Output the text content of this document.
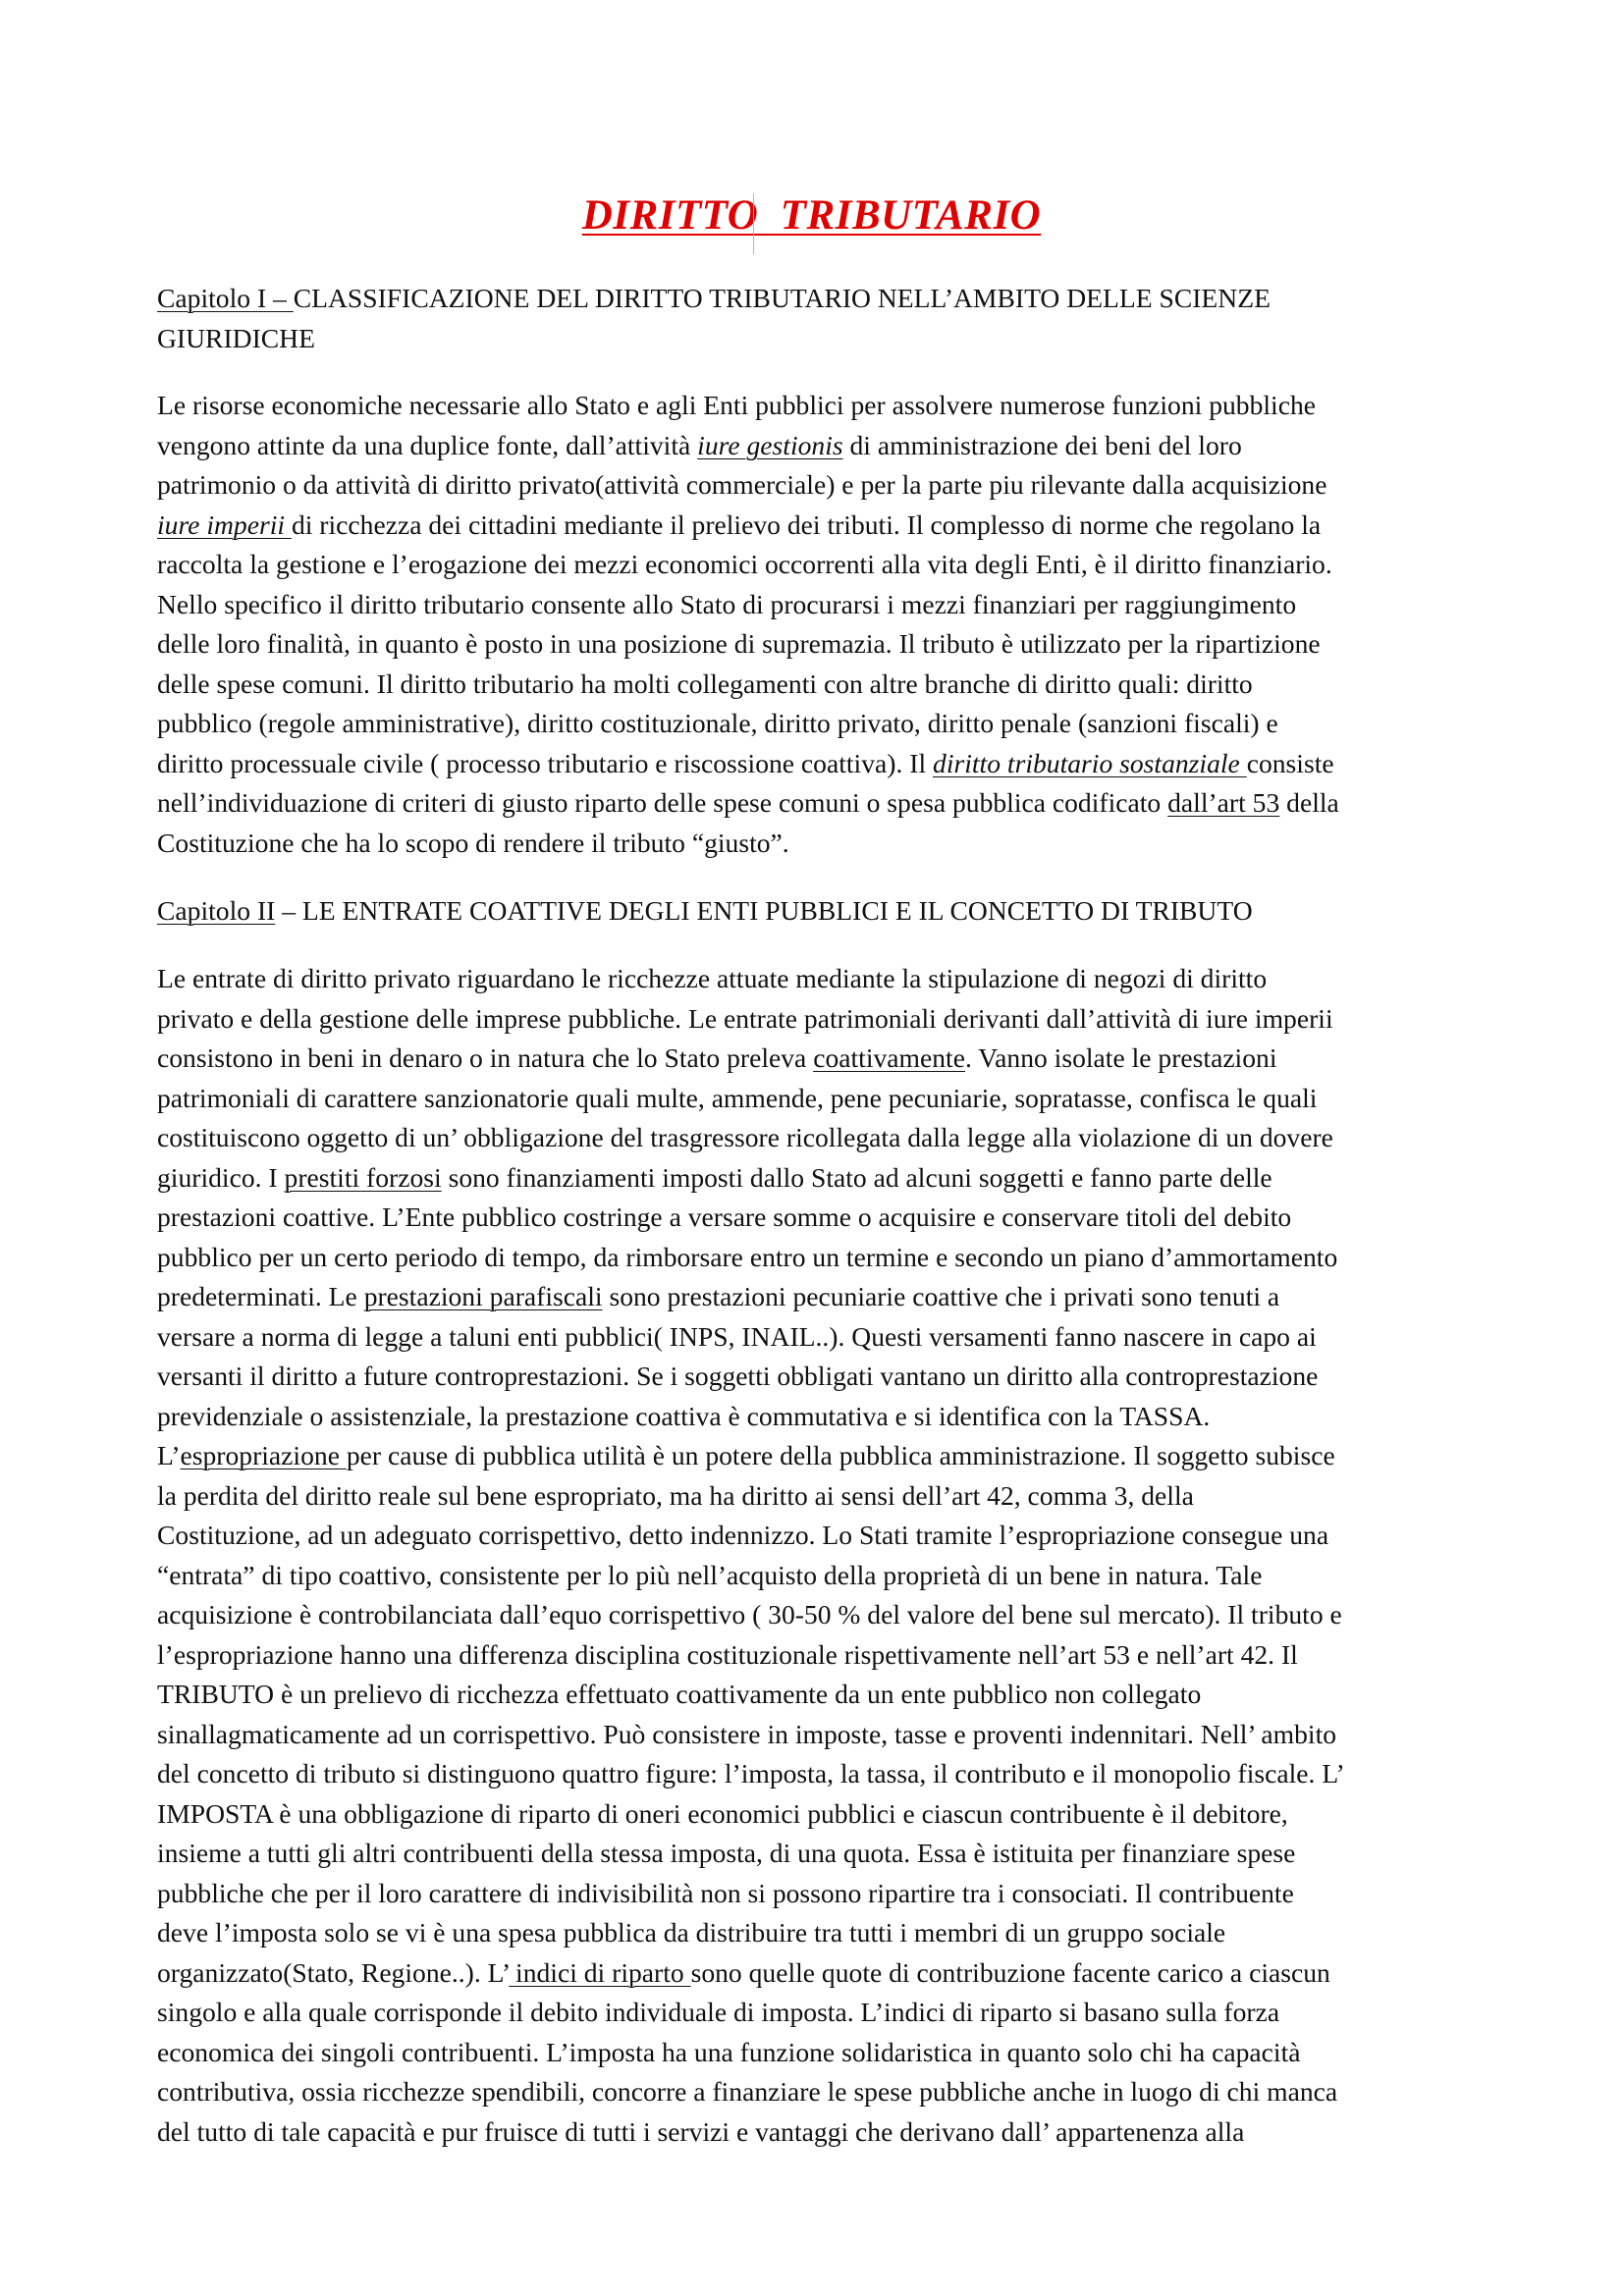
DIRITTO  TRIBUTARIO
Capitolo I – CLASSIFICAZIONE DEL DIRITTO TRIBUTARIO NELL’AMBITO DELLE SCIENZE
GIURIDICHE
Le risorse economiche necessarie allo Stato e agli Enti pubblici per assolvere numerose funzioni pubbliche
vengono attinte da una duplice fonte, dall’attività iure gestionis di amministrazione dei beni del loro
patrimonio o da attività di diritto privato(attività commerciale) e per la parte piu rilevante dalla acquisizione
iure imperii di ricchezza dei cittadini mediante il prelievo dei tributi. Il complesso di norme che regolano la
raccolta la gestione e l’erogazione dei mezzi economici occorrenti alla vita degli Enti, è il diritto finanziario.
Nello specifico il diritto tributario consente allo Stato di procurarsi i mezzi finanziari per raggiungimento
delle loro finalità, in quanto è posto in una posizione di supremazia. Il tributo è utilizzato per la ripartizione
delle spese comuni. Il diritto tributario ha molti collegamenti con altre branche di diritto quali: diritto
pubblico (regole amministrative), diritto costituzionale, diritto privato, diritto penale (sanzioni fiscali) e
diritto processuale civile ( processo tributario e riscossione coattiva). Il diritto tributario sostanziale consiste
nell’individuazione di criteri di giusto riparto delle spese comuni o spesa pubblica codificato dall’art 53 della
Costituzione che ha lo scopo di rendere il tributo “giusto”.
Capitolo II – LE ENTRATE COATTIVE DEGLI ENTI PUBBLICI E IL CONCETTO DI TRIBUTO
Le entrate di diritto privato riguardano le ricchezze attuate mediante la stipulazione di negozi di diritto
privato e della gestione delle imprese pubbliche. Le entrate patrimoniali derivanti dall’attività di iure imperii
consistono in beni in denaro o in natura che lo Stato preleva coattivamente. Vanno isolate le prestazioni
patrimoniali di carattere sanzionatorie quali multe, ammende, pene pecuniarie, sopratasse, confisca le quali
costituiscono oggetto di un’ obbligazione del trasgressore ricollegata dalla legge alla violazione di un dovere
giuridico. I prestiti forzosi sono finanziamenti imposti dallo Stato ad alcuni soggetti e fanno parte delle
prestazioni coattive. L’Ente pubblico costringe a versare somme o acquisire e conservare titoli del debito
pubblico per un certo periodo di tempo, da rimborsare entro un termine e secondo un piano d’ammortamento
predeterminati. Le prestazioni parafiscali sono prestazioni pecuniarie coattive che i privati sono tenuti a
versare a norma di legge a taluni enti pubblici( INPS, INAIL..). Questi versamenti fanno nascere in capo ai
versanti il diritto a future controprestazioni. Se i soggetti obbligati vantano un diritto alla controprestazione
previdenziale o assistenziale, la prestazione coattiva è commutativa e si identifica con la TASSA.
L’espropriazione per cause di pubblica utilità è un potere della pubblica amministrazione. Il soggetto subisce
la perdita del diritto reale sul bene espropriato, ma ha diritto ai sensi dell’art 42, comma 3, della
Costituzione, ad un adeguato corrispettivo, detto indennizzo. Lo Stati tramite l’espropriazione consegue una
“entrata” di tipo coattivo, consistente per lo più nell’acquisto della proprietà di un bene in natura. Tale
acquisizione è controbilanciata dall’equo corrispettivo ( 30-50 % del valore del bene sul mercato). Il tributo e
l’espropriazione hanno una differenza disciplina costituzionale rispettivamente nell’art 53 e nell’art 42. Il
TRIBUTO è un prelievo di ricchezza effettuato coattivamente da un ente pubblico non collegato
sinallagmaticamente ad un corrispettivo. Può consistere in imposte, tasse e proventi indennitari. Nell’ ambito
del concetto di tributo si distinguono quattro figure: l’imposta, la tassa, il contributo e il monopolio fiscale. L’
IMPOSTA è una obbligazione di riparto di oneri economici pubblici e ciascun contribuente è il debitore,
insieme a tutti gli altri contribuenti della stessa imposta, di una quota. Essa è istituita per finanziare spese
pubbliche che per il loro carattere di indivisibilità non si possono ripartire tra i consociati. Il contribuente
deve l’imposta solo se vi è una spesa pubblica da distribuire tra tutti i membri di un gruppo sociale
organizzato(Stato, Regione..). L’ indici di riparto sono quelle quote di contribuzione facente carico a ciascun
singolo e alla quale corrisponde il debito individuale di imposta. L’indici di riparto si basano sulla forza
economica dei singoli contribuenti. L’imposta ha una funzione solidaristica in quanto solo chi ha capacità
contributiva, ossia ricchezze spendibili, concorre a finanziare le spese pubbliche anche in luogo di chi manca
del tutto di tale capacità e pur fruisce di tutti i servizi e vantaggi che derivano dall’ appartenenza alla
